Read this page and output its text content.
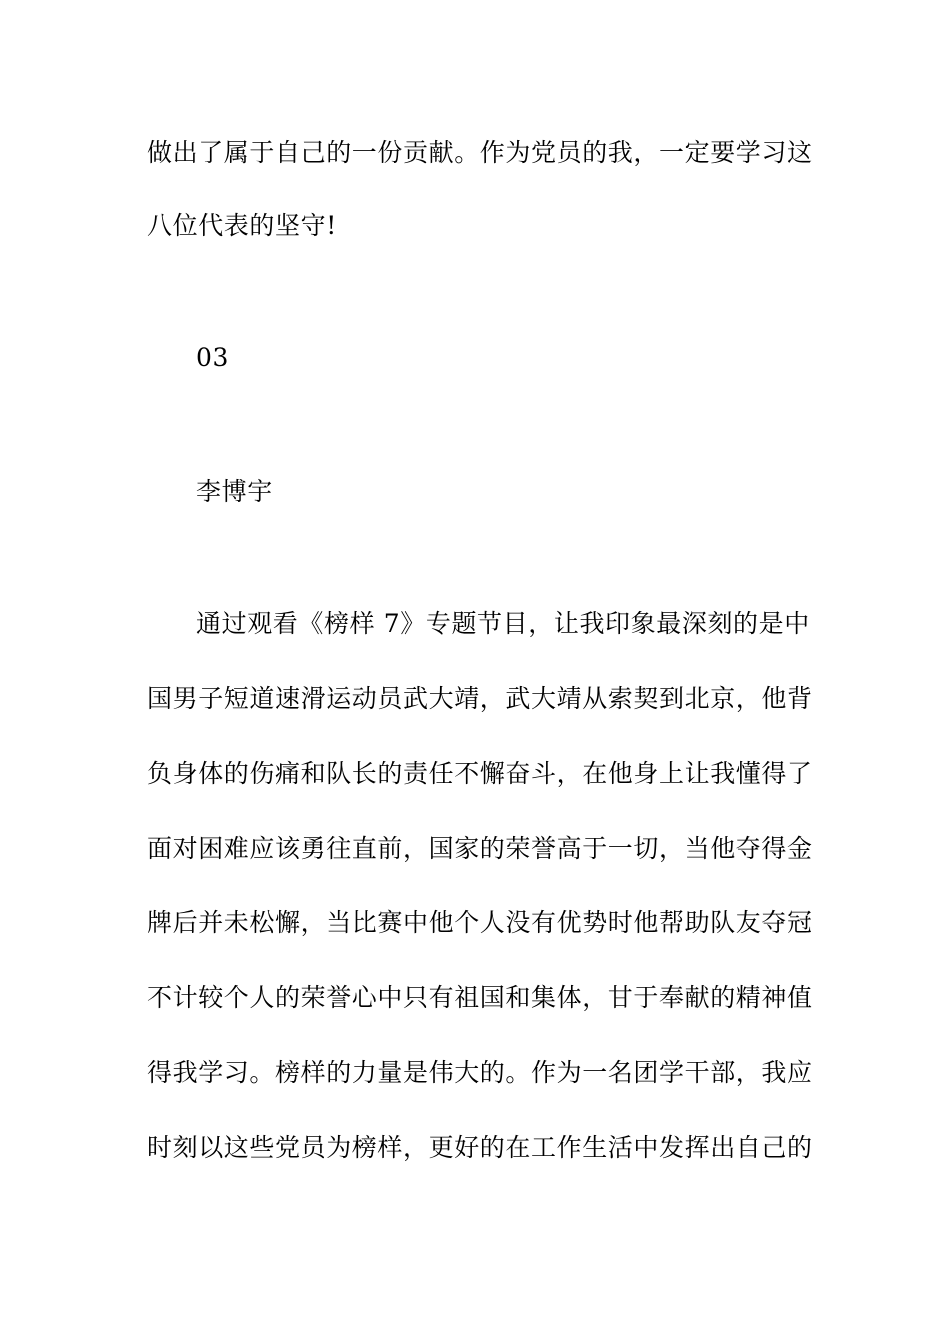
做出了属于自己的一份贡献。作为党员的我，一定要学习这
八位代表的坚守!
03
李博宇
通过观看《榜样 7》专题节目，让我印象最深刻的是中
国男子短道速滑运动员武大靖，武大靖从索契到北京，他背
负身体的伤痛和队长的责任不懈奋斗，在他身上让我懂得了
面对困难应该勇往直前，国家的荣誉高于一切，当他夺得金
牌后并未松懈，当比赛中他个人没有优势时他帮助队友夺冠
不计较个人的荣誉心中只有祖国和集体，甘于奉献的精神值
得我学习。榜样的力量是伟大的。作为一名团学干部，我应
时刻以这些党员为榜样，更好的在工作生活中发挥出自己的
